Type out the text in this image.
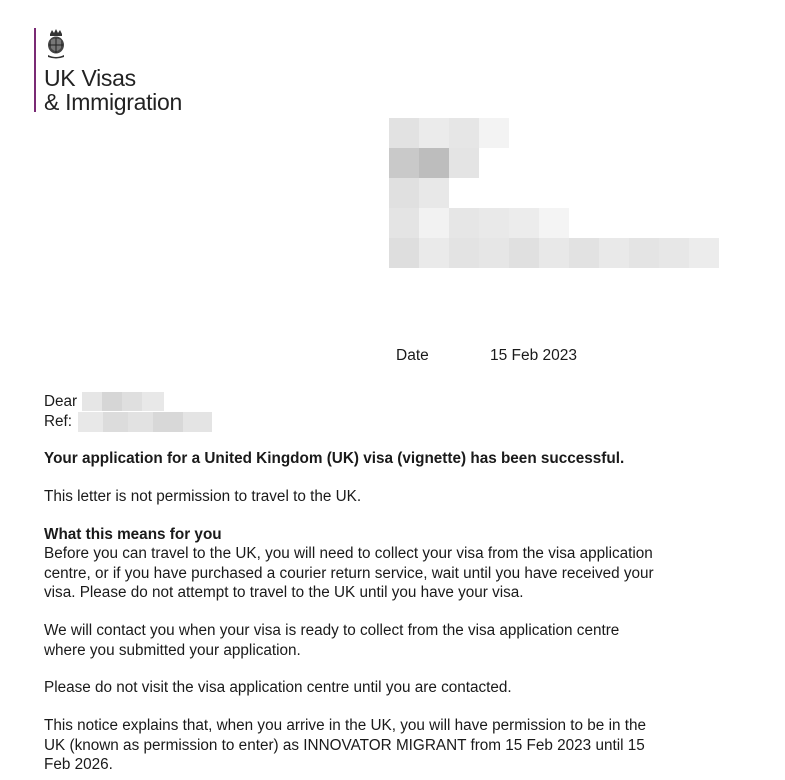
UK Visas
& Immigration
Date	15 Feb 2023
Dear
Ref:
Your application for a United Kingdom (UK) visa (vignette) has been successful.
This letter is not permission to travel to the UK.
What this means for you
Before you can travel to the UK, you will need to collect your visa from the visa application
centre, or if you have purchased a courier return service, wait until you have received your
visa. Please do not attempt to travel to the UK until you have your visa.
We will contact you when your visa is ready to collect from the visa application centre
where you submitted your application.
Please do not visit the visa application centre until you are contacted.
This notice explains that, when you arrive in the UK, you will have permission to be in the
UK (known as permission to enter) as INNOVATOR MIGRANT from 15 Feb 2023 until 15
Feb 2026.
